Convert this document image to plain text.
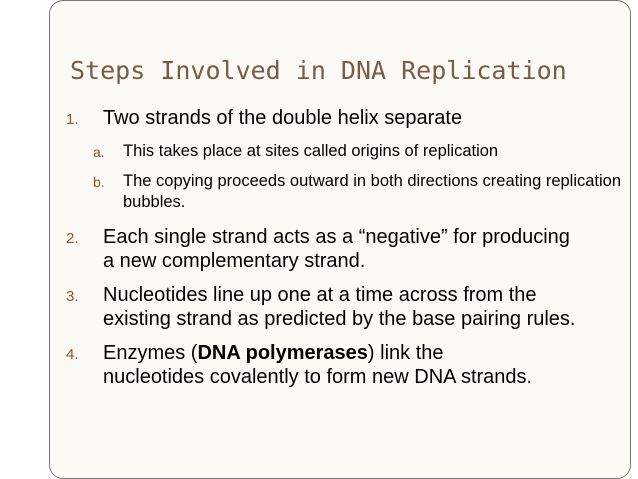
Steps Involved in DNA Replication
1. Two strands of the double helix separate
a. This takes place at sites called origins of replication
b. The copying proceeds outward in both directions creating replication bubbles.
2. Each single strand acts as a “negative” for producing a new complementary strand.
3. Nucleotides line up one at a time across from the existing strand as predicted by the base pairing rules.
4. Enzymes (DNA polymerases) link the nucleotides covalently to form new DNA strands.
